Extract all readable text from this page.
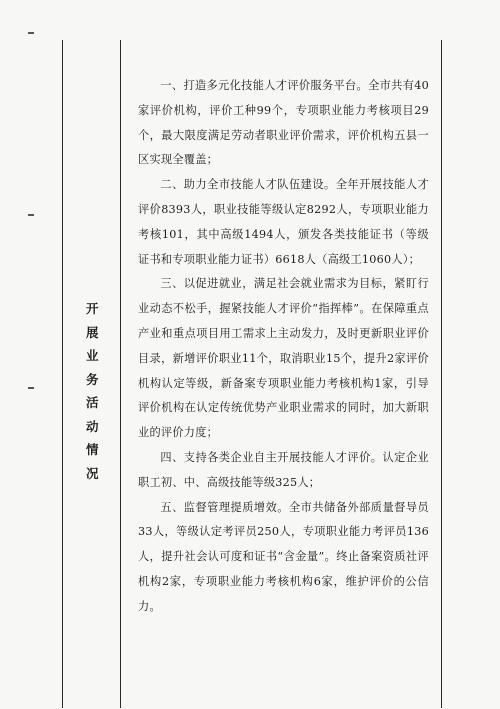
开
展
业
务
活
动
情
况

一、打造多元化技能人才评价服务平台。全市共有40家评价机构，评价工种99个，专项职业能力考核项目29个，最大限度满足劳动者职业评价需求，评价机构五县一区实现全覆盖；

二、助力全市技能人才队伍建设。全年开展技能人才评价8393人，职业技能等级认定8292人，专项职业能力考核101，其中高级1494人，颁发各类技能证书（等级证书和专项职业能力证书）6618人（高级工1060人）；

三、以促进就业，满足社会就业需求为目标，紧盯行业动态不松手，握紧技能人才评价“指挥棒”。在保障重点产业和重点项目用工需求上主动发力，及时更新职业评价目录，新增评价职业11个，取消职业15个，提升2家评价机构认定等级，新备案专项职业能力考核机构1家，引导评价机构在认定传统优势产业职业需求的同时，加大新职业的评价力度；

四、支持各类企业自主开展技能人才评价。认定企业职工初、中、高级技能等级325人；

五、监督管理提质增效。全市共储备外部质量督导员33人，等级认定考评员250人，专项职业能力考评员136人，提升社会认可度和证书“含金量”。终止备案资质社评机构2家，专项职业能力考核机构6家，维护评价的公信力。
